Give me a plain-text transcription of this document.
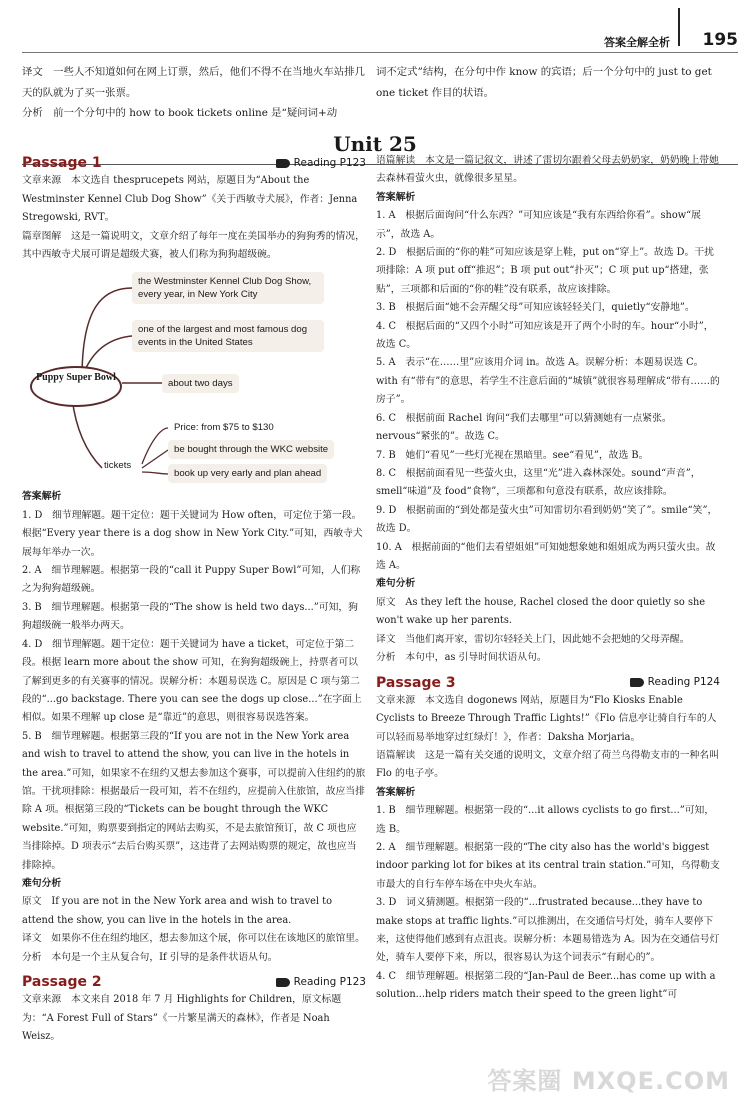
答案全解全析 195

译文　一些人不知道如何在网上订票，然后，他们不得不在当地火车站排几天的队就为了买一张票。

分析　前一个分句中的 how to book tickets online 是“疑问词+动

词不定式”结构，在分句中作 know 的宾语；后一个分句中的 just to get one ticket 作目的状语。

Unit 25
Passage 1	Reading P123

文章来源　本文选自 thesprucepets 网站，原题目为“About the Westminster Kennel Club Dog Show”《关于西敏寺犬展》，作者：Jenna Stregowski, RVT。

篇章图解　这是一篇说明文，文章介绍了每年一度在美国举办的狗狗秀的情况，其中西敏寺犬展可谓是超级犬赛，被人们称为狗狗超级碗。

the Westminster Kennel Club Dog Show, every year, in New York City
one of the largest and most famous dog events in the United States
Puppy Super Bowl
about two days
tickets
Price: from $75 to $130
be bought through the WKC website
book up very early and plan ahead

答案解析

1. D　细节理解题。题干定位：题干关键词为 How often，可定位于第一段。根据“Every year there is a dog show in New York City.”可知，西敏寺犬展每年举办一次。

2. A　细节理解题。根据第一段的“call it Puppy Super Bowl”可知，人们称之为狗狗超级碗。

3. B　细节理解题。根据第一段的“The show is held two days...”可知，狗狗超级碗一般举办两天。

4. D　细节理解题。题干定位：题干关键词为 have a ticket，可定位于第二段。根据 learn more about the show 可知，在狗狗超级碗上，持票者可以了解到更多的有关赛事的情况。误解分析：本题易误选 C。原因是 C 项与第二段的“...go backstage. There you can see the dogs up close...”在字面上相似。如果不理解 up close 是“靠近”的意思，则很容易误选答案。

5. B　细节理解题。根据第三段的“If you are not in the New York area and wish to travel to attend the show, you can live in the hotels in the area.”可知，如果家不在纽约又想去参加这个赛事，可以提前入住纽约的旅馆。干扰项排除：根据最后一段可知，若不在纽约，应提前入住旅馆，故应当排除 A 项。根据第三段的“Tickets can be bought through the WKC website.”可知，购票要到指定的网站去购买，不是去旅馆预订，故 C 项也应当排除掉。D 项表示“去后台购买票”，这违背了去网站购票的规定，故也应当排除掉。

难句分析

原文　If you are not in the New York area and wish to travel to attend the show, you can live in the hotels in the area.

译文　如果你不住在纽约地区，想去参加这个展，你可以住在该地区的旅馆里。

分析　本句是一个主从复合句，If 引导的是条件状语从句。

Passage 2	Reading P123

文章来源　本文来自 2018 年 7 月 Highlights for Children，原文标题为：“A Forest Full of Stars”《一片繁星满天的森林》，作者是 Noah Weisz。

语篇解读　本文是一篇记叙文，讲述了雷切尔跟着父母去奶奶家，奶奶晚上带她去森林看萤火虫，就像很多星星。

答案解析

1. A　根据后面询问“什么东西？”可知应该是“我有东西给你看”。show“展示”，故选 A。

2. D　根据后面的“你的鞋”可知应该是穿上鞋，put on“穿上”。故选 D。干扰项排除：A 项 put off“推迟”；B 项 put out“扑灭”；C 项 put up“搭建，张贴”，三项都和后面的“你的鞋”没有联系，故应该排除。

3. B　根据后面“她不会弄醒父母”可知应该轻轻关门，quietly“安静地”。

4. C　根据后面的“又四个小时”可知应该是开了两个小时的车。hour“小时”，故选 C。

5. A　表示“在……里”应该用介词 in。故选 A。误解分析：本题易误选 C。with 有“带有”的意思，若学生不注意后面的“城镇”就很容易理解成“带有……的房子”。

6. C　根据前面 Rachel 询问“我们去哪里”可以猜测她有一点紧张。nervous“紧张的”。故选 C。

7. B　她们“看见”一些灯光视在黑暗里。see“看见”，故选 B。

8. C　根据前面看见一些萤火虫，这里“光”进入森林深处。sound“声音”，smell“味道”及 food“食物”，三项都和句意没有联系，故应该排除。

9. D　根据前面的“到处都是萤火虫”可知雷切尔看到奶奶“笑了”。smile“笑”，故选 D。

10. A　根据前面的“他们去看望姐姐”可知她想象她和姐姐成为两只萤火虫。故选 A。

难句分析

原文　As they left the house, Rachel closed the door quietly so she won't wake up her parents.

译文　当他们离开家，雷切尔轻轻关上门，因此她不会把她的父母弄醒。

分析　本句中，as 引导时间状语从句。

Passage 3	Reading P124

文章来源　本文选自 dogonews 网站，原题目为“Flo Kiosks Enable Cyclists to Breeze Through Traffic Lights!”《Flo 信息亭让骑自行车的人可以轻而易举地穿过红绿灯！》，作者：Daksha Morjaria。

语篇解读　这是一篇有关交通的说明文，文章介绍了荷兰乌得勒支市的一种名叫 Flo 的电子亭。

答案解析

1. B　细节理解题。根据第一段的“...it allows cyclists to go first...”可知，选 B。

2. A　细节理解题。根据第一段的“The city also has the world's biggest indoor parking lot for bikes at its central train station.”可知，乌得勒支市最大的自行车停车场在中央火车站。

3. D　词义猜测题。根据第一段的“...frustrated because...they have to make stops at traffic lights.”可以推测出，在交通信号灯处，骑车人要停下来，这使得他们感到有点沮丧。误解分析：本题易错选为 A。因为在交通信号灯处，骑车人要停下来，所以，很容易认为这个词表示“有耐心的”。

4. C　细节理解题。根据第二段的“Jan-Paul de Beer...has come up with a solution...help riders match their speed to the green light”可

答案圈 MXQE.COM
